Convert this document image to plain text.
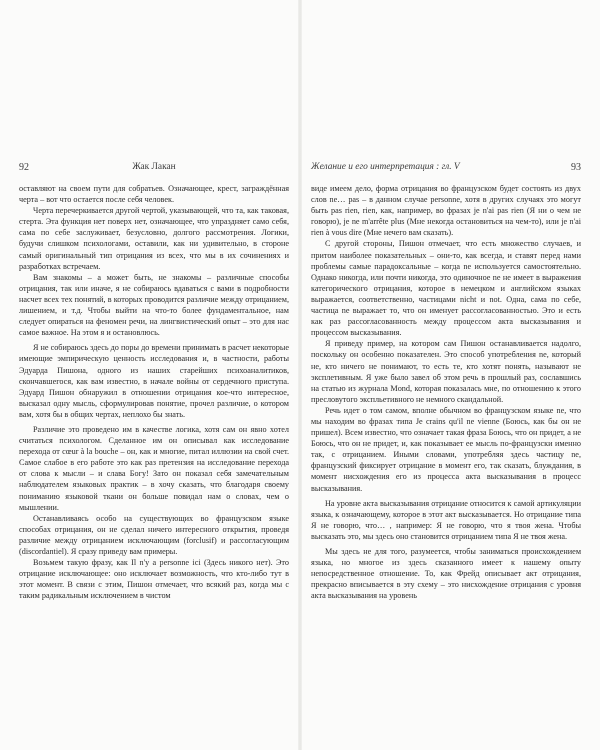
92	Жак Лакан

оставляют на своем пути для собратьев. Означающее, крест, заграждённая черта – вот что остается после себя человек.

Черта перечеркивается другой чертой, указывающей, что та, как таковая, стерта. Эта функция нет поверх нет, означающее, что упраздняет само себя, сама по себе заслуживает, безусловно, долгого рассмотрения. Логики, будучи слишком психологами, оставили, как ни удивительно, в стороне самый оригинальный тип отрицания из всех, что мы в их сочинениях и разработках встречаем.

Вам знакомы – а может быть, не знакомы – различные способы отрицания, так или иначе, я не собираюсь вдаваться с вами в подробности насчет всех тех понятий, в которых проводится различие между отрицанием, лишением, и т.д. Чтобы выйти на что-то более фундаментальное, нам следует опираться на феномен речи, на лингвистический опыт – это для нас самое важное. На этом я и остановлюсь.

Я не собираюсь здесь до поры до времени принимать в расчет некоторые имеющие эмпирическую ценность исследования и, в частности, работы Эдуарда Пишона, одного из наших старейших психоаналитиков, скончавшегося, как вам известно, в начале войны от сердечного приступа. Эдуард Пишон обнаружил в отношении отрицания кое-что интересное, высказал одну мысль, сформулировав понятие, прочел различие, о котором вам, хотя бы в общих чертах, неплохо бы знать.

Различие это проведено им в качестве логика, хотя сам он явно хотел считаться психологом. Сделанное им он описывал как исследование перехода от cœur à la bouche – он, как и многие, питал иллюзии на свой счет. Самое слабое в его работе это как раз претензия на исследование перехода от слова к мысли – и слава Богу! Зато он показал себя замечательным наблюдателем языковых практик – в хочу сказать, что благодаря своему пониманию языковой ткани он больше повидал нам о словах, чем о мышлении.

Останавливаясь особо на существующих во французском языке способах отрицания, он не сделал ничего интересного открытия, проведя различие между отрицанием исключающим (forclusif) и рассогласующим (discordantiel). Я сразу приведу вам примеры.

Возьмем такую фразу, как Il n'y a personne ici (Здесь никого нет). Это отрицание исключающее: оно исключает возможность, что кто-либо тут в этот момент. В связи с этим, Пишон отмечает, что всякий раз, когда мы с таким радикальным исключением в чистом

Желание и его интерпретация : гл. V	93

виде имеем дело, форма отрицания во французском будет состоять из двух слов ne… pas – в данном случае personne, хотя в других случаях это могут быть pas rien, rien, как, например, во фразах je n'ai pas rien (Я ни о чем не говорю), je ne m'arrête plus (Мне некогда остановиться на чем-то), или je n'ai rien à vous dire (Мне нечего вам сказать).

С другой стороны, Пишон отмечает, что есть множество случаев, и притом наиболее показательных – они-то, как всегда, и ставят перед нами проблемы самые парадоксальные – когда ne используется самостоятельно. Однако никогда, или почти никогда, это одиночное ne не имеет в выражения категорического отрицания, которое в немецком и английском языках выражается, соответственно, частицами nicht и not. Одна, сама по себе, частица ne выражает то, что он именует рассогласованностью. Это и есть как раз рассогласованность между процессом акта высказывания и процессом высказывания.

Я приведу пример, на котором сам Пишон останавливается надолго, поскольку он особенно показателен. Это способ употребления ne, который не, кто ничего не понимают, то есть те, кто хотят понять, называют не эксплетивным. Я уже было завел об этом речь в прошлый раз, сославшись на статью из журнала Mond, которая показалась мне, по отношению к этого пресловутого экспльетивного не немного скандальной.

Речь идет о том самом, вполне обычном во французском языке ne, что мы находим во фразах типа Je crains qu'il ne vienne (Боюсь, как бы он не пришел). Всем известно, что означает такая фраза Боюсь, что он придет, а не Боюсь, что он не придет, и, как показывает ее мысль по-французски именно так, с отрицанием. Иными словами, употребляя здесь частицу ne, французский фиксирует отрицание в момент его, так сказать, блуждания, в момент нисхождения его из процесса акта высказывания в процесс высказывания.

На уровне акта высказывания отрицание относится к самой артикуляции языка, к означающему, которое в этот акт высказывается. Но отрицание типа Я не говорю, что… , например: Я не говорю, что я твоя жена. Чтобы высказать это, мы здесь оно становится отрицанием типа Я не твоя жена.

Мы здесь не для того, разумеется, чтобы заниматься происхождением языка, но многое из здесь сказанного имеет к нашему опыту непосредственное отношение. То, как Фрейд описывает акт отрицания, прекрасно вписывается в эту схему – это нисхождение отрицания с уровня акта высказывания на уровень
